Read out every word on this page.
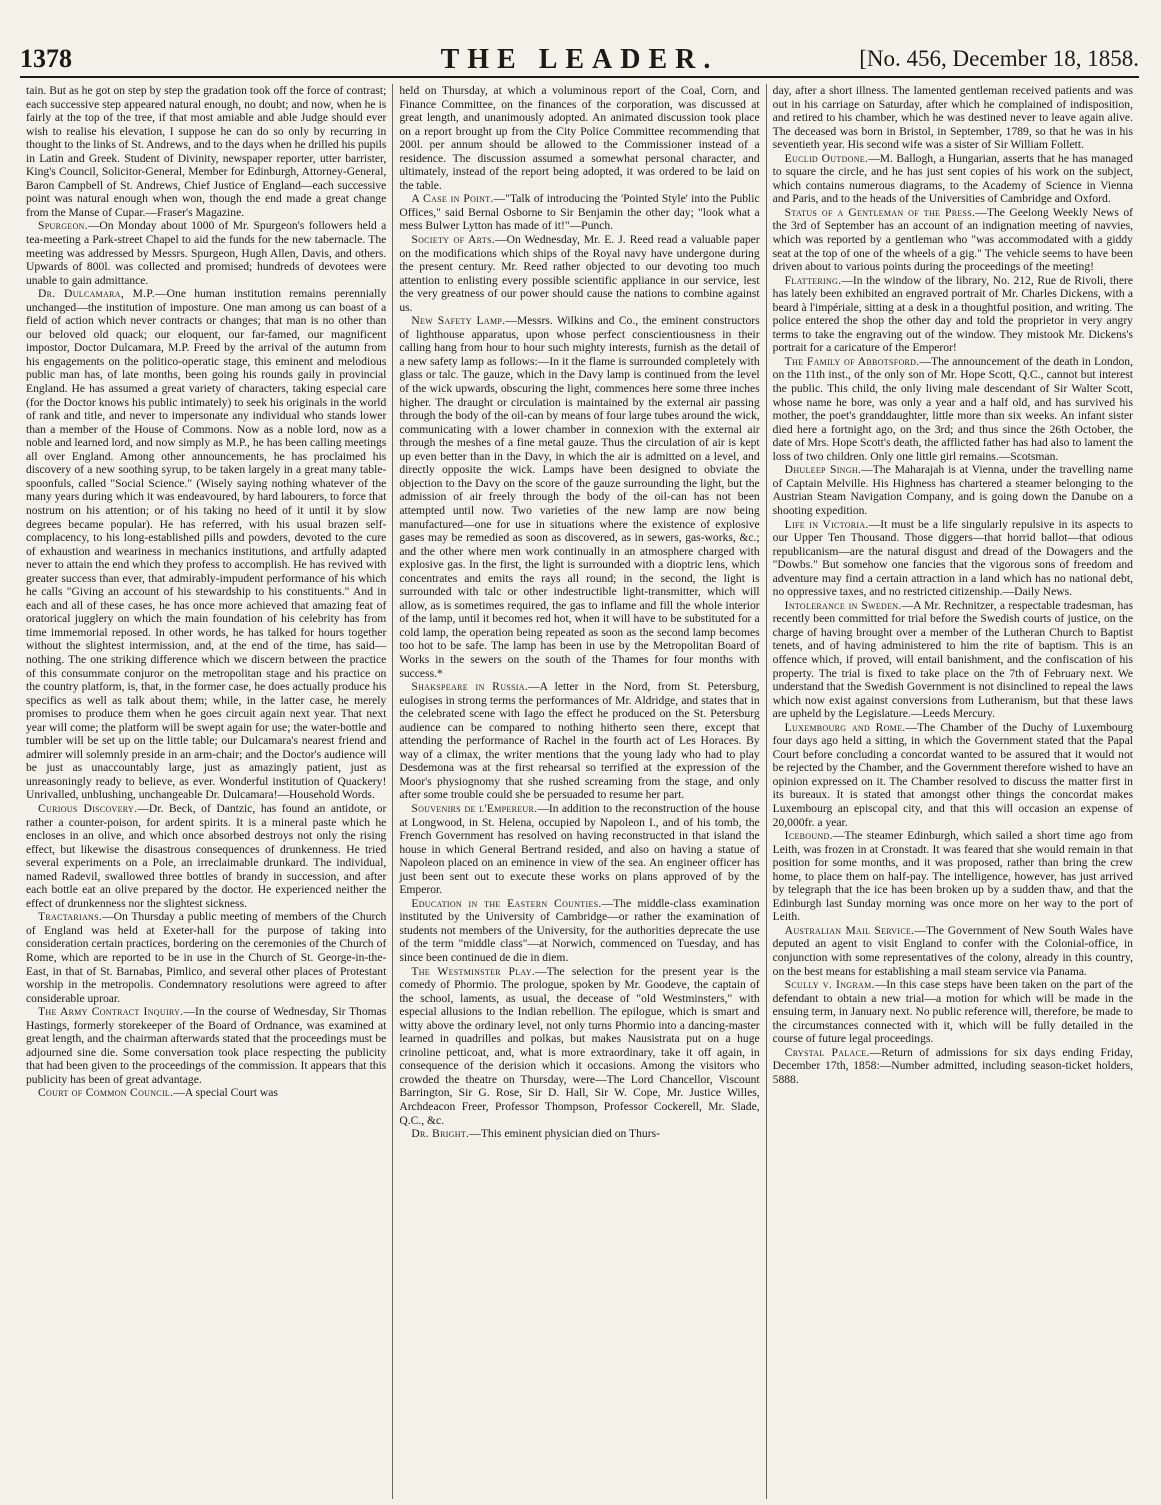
1378	THE LEADER.	[No. 456, December 18, 1858.

tain. But as he got on step by step the gradation took off the force of contrast; each successive step appeared natural enough, no doubt; and now, when he is fairly at the top of the tree, if that most amiable and able Judge should ever wish to realise his elevation, I suppose he can do so only by recurring in thought to the links of St. Andrews, and to the days when he drilled his pupils in Latin and Greek. Student of Divinity, newspaper reporter, utter barrister, King's Council, Solicitor-General, Member for Edinburgh, Attorney-General, Baron Campbell of St. Andrews, Chief Justice of England—each successive point was natural enough when won, though the end made a great change from the Manse of Cupar.—Fraser's Magazine.

Spurgeon.—On Monday about 1000 of Mr. Spurgeon's followers held a tea-meeting a Park-street Chapel to aid the funds for the new tabernacle. The meeting was addressed by Messrs. Spurgeon, Hugh Allen, Davis, and others. Upwards of 800l. was collected and promised; hundreds of devotees were unable to gain admittance.

Dr. Dulcamara, M.P.—One human institution remains perennially unchanged—the institution of imposture. One man among us can boast of a field of action which never contracts or changes; that man is no other than our beloved old quack; our eloquent, our far-famed, our magnificent impostor, Doctor Dulcamara, M.P. Freed by the arrival of the autumn from his engagements on the politico-operatic stage, this eminent and melodious public man has, of late months, been going his rounds gaily in provincial England. He has assumed a great variety of characters, taking especial care (for the Doctor knows his public intimately) to seek his originals in the world of rank and title, and never to impersonate any individual who stands lower than a member of the House of Commons. Now as a noble lord, now as a noble and learned lord, and now simply as M.P., he has been calling meetings all over England. Among other announcements, he has proclaimed his discovery of a new soothing syrup, to be taken largely in a great many table-spoonfuls, called "Social Science." (Wisely saying nothing whatever of the many years during which it was endeavoured, by hard labourers, to force that nostrum on his attention; or of his taking no heed of it until it by slow degrees became popular). He has referred, with his usual brazen self-complacency, to his long-established pills and powders, devoted to the cure of exhaustion and weariness in mechanics institutions, and artfully adapted never to attain the end which they profess to accomplish. He has revived with greater success than ever, that admirably-impudent performance of his which he calls "Giving an account of his stewardship to his constituents." And in each and all of these cases, he has once more achieved that amazing feat of oratorical jugglery on which the main foundation of his celebrity has from time immemorial reposed. In other words, he has talked for hours together without the slightest intermission, and, at the end of the time, has said—nothing. The one striking difference which we discern between the practice of this consummate conjuror on the metropolitan stage and his practice on the country platform, is, that, in the former case, he does actually produce his specifics as well as talk about them; while, in the latter case, he merely promises to produce them when he goes circuit again next year. That next year will come; the platform will be swept again for use; the water-bottle and tumbler will be set up on the little table; our Dulcamara's nearest friend and admirer will solemnly preside in an arm-chair; and the Doctor's audience will be just as unaccountably large, just as amazingly patient, just as unreasoningly ready to believe, as ever. Wonderful institution of Quackery! Unrivalled, unblushing, unchangeable Dr. Dulcamara!—Household Words.

Curious Discovery.—Dr. Beck, of Dantzic, has found an antidote, or rather a counter-poison, for ardent spirits. It is a mineral paste which he encloses in an olive, and which once absorbed destroys not only the rising effect, but likewise the disastrous consequences of drunkenness. He tried several experiments on a Pole, an irreclaimable drunkard. The individual, named Radevil, swallowed three bottles of brandy in succession, and after each bottle eat an olive prepared by the doctor. He experienced neither the effect of drunkenness nor the slightest sickness.

Tractarians.—On Thursday a public meeting of members of the Church of England was held at Exeter-hall for the purpose of taking into consideration certain practices, bordering on the ceremonies of the Church of Rome, which are reported to be in use in the Church of St. George-in-the-East, in that of St. Barnabas, Pimlico, and several other places of Protestant worship in the metropolis. Condemnatory resolutions were agreed to after considerable uproar.

The Army Contract Inquiry.—In the course of Wednesday, Sir Thomas Hastings, formerly storekeeper of the Board of Ordnance, was examined at great length, and the chairman afterwards stated that the proceedings must be adjourned sine die. Some conversation took place respecting the publicity that had been given to the proceedings of the commission. It appears that this publicity has been of great advantage.

Court of Common Council.—A special Court was

held on Thursday, at which a voluminous report of the Coal, Corn, and Finance Committee, on the finances of the corporation, was discussed at great length, and unanimously adopted. An animated discussion took place on a report brought up from the City Police Committee recommending that 200l. per annum should be allowed to the Commissioner instead of a residence. The discussion assumed a somewhat personal character, and ultimately, instead of the report being adopted, it was ordered to be laid on the table.

A Case in Point.—"Talk of introducing the 'Pointed Style' into the Public Offices," said Bernal Osborne to Sir Benjamin the other day; "look what a mess Bulwer Lytton has made of it!"—Punch.

Society of Arts.—On Wednesday, Mr. E. J. Reed read a valuable paper on the modifications which ships of the Royal navy have undergone during the present century. Mr. Reed rather objected to our devoting too much attention to enlisting every possible scientific appliance in our service, lest the very greatness of our power should cause the nations to combine against us.

New Safety Lamp.—Messrs. Wilkins and Co., the eminent constructors of lighthouse apparatus, upon whose perfect conscientiousness in their calling hang from hour to hour such mighty interests, furnish as the detail of a new safety lamp as follows:—In it the flame is surrounded completely with glass or talc. The gauze, which in the Davy lamp is continued from the level of the wick upwards, obscuring the light, commences here some three inches higher. The draught or circulation is maintained by the external air passing through the body of the oil-can by means of four large tubes around the wick, communicating with a lower chamber in connexion with the external air through the meshes of a fine metal gauze. Thus the circulation of air is kept up even better than in the Davy, in which the air is admitted on a level, and directly opposite the wick. Lamps have been designed to obviate the objection to the Davy on the score of the gauze surrounding the light, but the admission of air freely through the body of the oil-can has not been attempted until now. Two varieties of the new lamp are now being manufactured—one for use in situations where the existence of explosive gases may be remedied as soon as discovered, as in sewers, gas-works, &c.; and the other where men work continually in an atmosphere charged with explosive gas. In the first, the light is surrounded with a dioptric lens, which concentrates and emits the rays all round; in the second, the light is surrounded with talc or other indestructible light-transmitter, which will allow, as is sometimes required, the gas to inflame and fill the whole interior of the lamp, until it becomes red hot, when it will have to be substituted for a cold lamp, the operation being repeated as soon as the second lamp becomes too hot to be safe. The lamp has been in use by the Metropolitan Board of Works in the sewers on the south of the Thames for four months with success.*

Shakspeare in Russia.—A letter in the Nord, from St. Petersburg, eulogises in strong terms the performances of Mr. Aldridge, and states that in the celebrated scene with Iago the effect he produced on the St. Petersburg audience can be compared to nothing hitherto seen there, except that attending the performance of Rachel in the fourth act of Les Horaces. By way of a climax, the writer mentions that the young lady who had to play Desdemona was at the first rehearsal so terrified at the expression of the Moor's physiognomy that she rushed screaming from the stage, and only after some trouble could she be persuaded to resume her part.

Souvenirs de l'Empereur.—In addition to the reconstruction of the house at Longwood, in St. Helena, occupied by Napoleon I., and of his tomb, the French Government has resolved on having reconstructed in that island the house in which General Bertrand resided, and also on having a statue of Napoleon placed on an eminence in view of the sea. An engineer officer has just been sent out to execute these works on plans approved of by the Emperor.

Education in the Eastern Counties.—The middle-class examination instituted by the University of Cambridge—or rather the examination of students not members of the University, for the authorities deprecate the use of the term "middle class"—at Norwich, commenced on Tuesday, and has since been continued de die in diem.

The Westminster Play.—The selection for the present year is the comedy of Phormio. The prologue, spoken by Mr. Goodeve, the captain of the school, laments, as usual, the decease of "old Westminsters," with especial allusions to the Indian rebellion. The epilogue, which is smart and witty above the ordinary level, not only turns Phormio into a dancing-master learned in quadrilles and polkas, but makes Nausistrata put on a huge crinoline petticoat, and, what is more extraordinary, take it off again, in consequence of the derision which it occasions. Among the visitors who crowded the theatre on Thursday, were—The Lord Chancellor, Viscount Barrington, Sir G. Rose, Sir D. Hall, Sir W. Cope, Mr. Justice Willes, Archdeacon Freer, Professor Thompson, Professor Cockerell, Mr. Slade, Q.C., &c.

Dr. Bright.—This eminent physician died on Thurs-

day, after a short illness. The lamented gentleman received patients and was out in his carriage on Saturday, after which he complained of indisposition, and retired to his chamber, which he was destined never to leave again alive. The deceased was born in Bristol, in September, 1789, so that he was in his seventieth year. His second wife was a sister of Sir William Follett.

Euclid Outdone.—M. Ballogh, a Hungarian, asserts that he has managed to square the circle, and he has just sent copies of his work on the subject, which contains numerous diagrams, to the Academy of Science in Vienna and Paris, and to the heads of the Universities of Cambridge and Oxford.

Status of a Gentleman of the Press.—The Geelong Weekly News of the 3rd of September has an account of an indignation meeting of navvies, which was reported by a gentleman who "was accommodated with a giddy seat at the top of one of the wheels of a gig." The vehicle seems to have been driven about to various points during the proceedings of the meeting!

Flattering.—In the window of the library, No. 212, Rue de Rivoli, there has lately been exhibited an engraved portrait of Mr. Charles Dickens, with a beard à l'impériale, sitting at a desk in a thoughtful position, and writing. The police entered the shop the other day and told the proprietor in very angry terms to take the engraving out of the window. They mistook Mr. Dickens's portrait for a caricature of the Emperor!

The Family of Abbotsford.—The announcement of the death in London, on the 11th inst., of the only son of Mr. Hope Scott, Q.C., cannot but interest the public. This child, the only living male descendant of Sir Walter Scott, whose name he bore, was only a year and a half old, and has survived his mother, the poet's granddaughter, little more than six weeks. An infant sister died here a fortnight ago, on the 3rd; and thus since the 26th October, the date of Mrs. Hope Scott's death, the afflicted father has had also to lament the loss of two children. Only one little girl remains.—Scotsman.

Dhuleep Singh.—The Maharajah is at Vienna, under the travelling name of Captain Melville. His Highness has chartered a steamer belonging to the Austrian Steam Navigation Company, and is going down the Danube on a shooting expedition.

Life in Victoria.—It must be a life singularly repulsive in its aspects to our Upper Ten Thousand. Those diggers—that horrid ballot—that odious republicanism—are the natural disgust and dread of the Dowagers and the "Dowbs." But somehow one fancies that the vigorous sons of freedom and adventure may find a certain attraction in a land which has no national debt, no oppressive taxes, and no restricted citizenship.—Daily News.

Intolerance in Sweden.—A Mr. Rechnitzer, a respectable tradesman, has recently been committed for trial before the Swedish courts of justice, on the charge of having brought over a member of the Lutheran Church to Baptist tenets, and of having administered to him the rite of baptism. This is an offence which, if proved, will entail banishment, and the confiscation of his property. The trial is fixed to take place on the 7th of February next. We understand that the Swedish Government is not disinclined to repeal the laws which now exist against conversions from Lutheranism, but that these laws are upheld by the Legislature.—Leeds Mercury.

Luxembourg and Rome.—The Chamber of the Duchy of Luxembourg four days ago held a sitting, in which the Government stated that the Papal Court before concluding a concordat wanted to be assured that it would not be rejected by the Chamber, and the Government therefore wished to have an opinion expressed on it. The Chamber resolved to discuss the matter first in its bureaux. It is stated that amongst other things the concordat makes Luxembourg an episcopal city, and that this will occasion an expense of 20,000fr. a year.

Icebound.—The steamer Edinburgh, which sailed a short time ago from Leith, was frozen in at Cronstadt. It was feared that she would remain in that position for some months, and it was proposed, rather than bring the crew home, to place them on half-pay. The intelligence, however, has just arrived by telegraph that the ice has been broken up by a sudden thaw, and that the Edinburgh last Sunday morning was once more on her way to the port of Leith.

Australian Mail Service.—The Government of New South Wales have deputed an agent to visit England to confer with the Colonial-office, in conjunction with some representatives of the colony, already in this country, on the best means for establishing a mail steam service via Panama.

Scully v. Ingram.—In this case steps have been taken on the part of the defendant to obtain a new trial—a motion for which will be made in the ensuing term, in January next. No public reference will, therefore, be made to the circumstances connected with it, which will be fully detailed in the course of future legal proceedings.

Crystal Palace.—Return of admissions for six days ending Friday, December 17th, 1858:—Number admitted, including season-ticket holders, 5888.
